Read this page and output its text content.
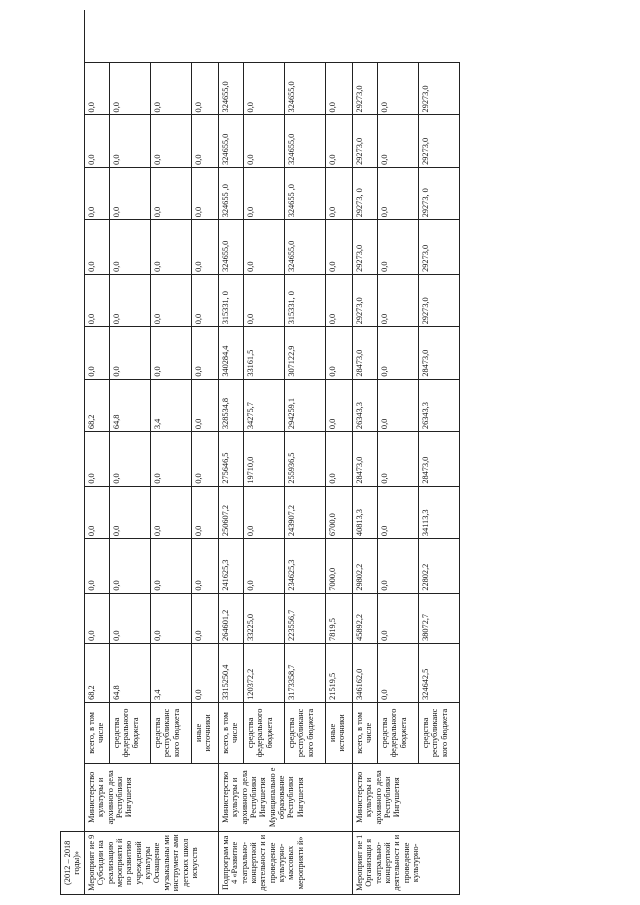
(2012 – 2018 годы)»														
Мероприят ие 9 Субсидии на реализацию мероприяти й по развитию учреждений культуры Оснащение музыкальны ми инструмент ами детских школ искусств	Министерство культуры и архивного дела Республики Ингушетия	всего, в том числе	68,2	0,0	0,0	0,0	0,0	68,2	0,0	0,0	0,0	0,0	0,0	0,0
		средства федерального бюджета	64,8	0,0	0,0	0,0	0,0	64,8	0,0	0,0	0,0	0,0	0,0	0,0
		средства республиканс кого бюджета	3,4	0,0	0,0	0,0	0,0	3,4	0,0	0,0	0,0	0,0	0,0	0,0
		иные источники	0,0	0,0	0,0	0,0	0,0	0,0	0,0	0,0	0,0	0,0	0,0	0,0
Подпрограм ма 4 «Развитие театрально- концертной деятельност и и проведение культурно- массовых мероприяти й»	Министерство культуры и архивного дела Республики Ингушетия Муниципально е образование Республики Ингушетия	всего, в том числе	3315250,4	264601,2	241625,3	250607,2	275646,5	328534,8	340284,4	315331, 0	324655,0	324655 ,0	324655,0	324655,0
		средства федерального бюджета	120372,2	33225,0	0,0	0,0	19710,0	34275,7	33161,5	0,0	0,0	0,0	0,0	0,0
		средства республиканс кого бюджета	3173358,7	223556,7	234625,3	243907,2	255936,5	294259,1	307122,9	315331, 0	324655,0	324655 ,0	324655,0	324655,0
		иные источники	21519,5	7819,5	7000,0	6700,0	0,0	0,0	0,0	0,0	0,0	0,0	0,0	0,0
Мероприят ие 1 Организаци я театрально- концертной деятельност и и проведение культурно-	Министерство культуры и архивного дела Республики Ингушетия	всего, в том числе	346162,0	45892,2	29802,2	40813,3	28473,0	26343,3	28473,0	29273,0	29273,0	29273, 0	29273,0	29273,0
		средства федерального бюджета	0,0	0,0	0,0	0,0	0,0	0,0	0,0	0,0	0,0	0,0	0,0	0,0
		средства республиканс кого бюджета	324642,5	38072,7	22802,2	34113,3	28473,0	26343,3	28473,0	29273,0	29273,0	29273, 0	29273,0	29273,0
